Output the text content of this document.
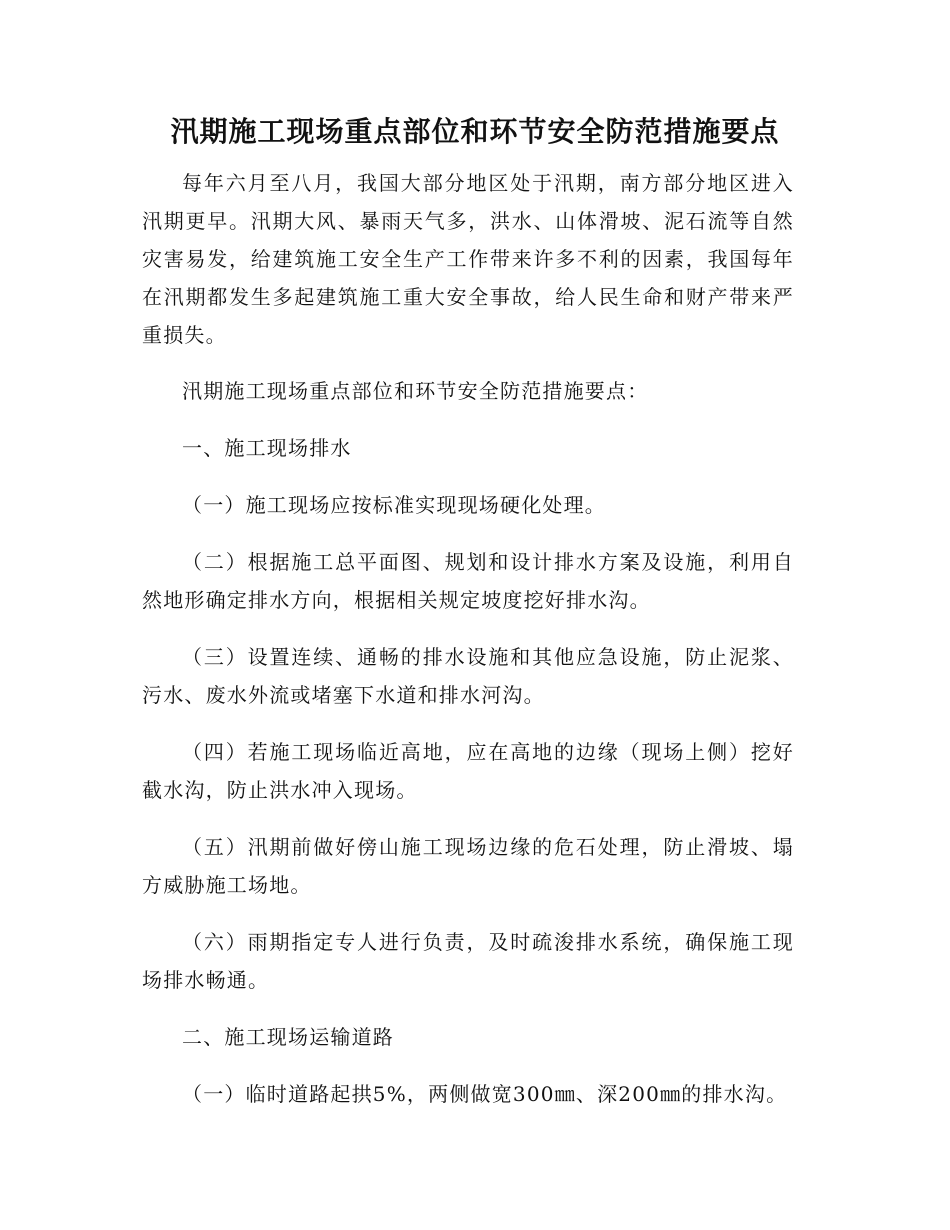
汛期施工现场重点部位和环节安全防范措施要点

每年六月至八月，我国大部分地区处于汛期，南方部分地区进入汛期更早。汛期大风、暴雨天气多，洪水、山体滑坡、泥石流等自然灾害易发，给建筑施工安全生产工作带来许多不利的因素，我国每年在汛期都发生多起建筑施工重大安全事故，给人民生命和财产带来严重损失。

汛期施工现场重点部位和环节安全防范措施要点：

一、施工现场排水

（一）施工现场应按标准实现现场硬化处理。

（二）根据施工总平面图、规划和设计排水方案及设施，利用自然地形确定排水方向，根据相关规定坡度挖好排水沟。

（三）设置连续、通畅的排水设施和其他应急设施，防止泥浆、污水、废水外流或堵塞下水道和排水河沟。

（四）若施工现场临近高地，应在高地的边缘（现场上侧）挖好截水沟，防止洪水冲入现场。

（五）汛期前做好傍山施工现场边缘的危石处理，防止滑坡、塌方威胁施工场地。

（六）雨期指定专人进行负责，及时疏浚排水系统，确保施工现场排水畅通。

二、施工现场运输道路

（一）临时道路起拱5%，两侧做宽300㎜、深200㎜的排水沟。
